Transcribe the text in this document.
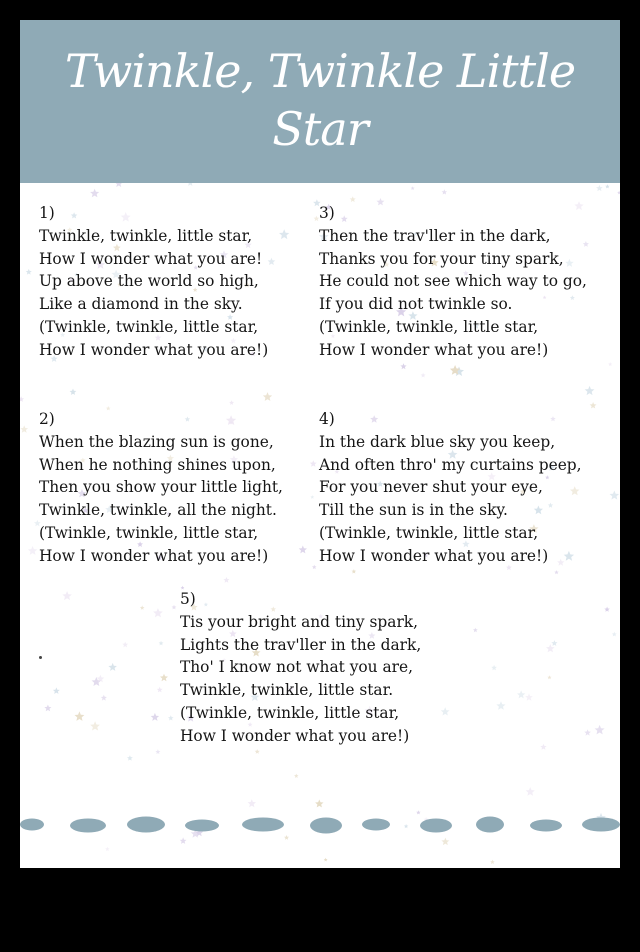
Twinkle, Twinkle Little
Star
1)
Twinkle, twinkle, little star,
How I wonder what you are!
Up above the world so high,
Like a diamond in the sky.
(Twinkle, twinkle, little star,
How I wonder what you are!)
3)
Then the trav'ller in the dark,
Thanks you for your tiny spark,
He could not see which way to go,
If you did not twinkle so.
(Twinkle, twinkle, little star,
How I wonder what you are!)
2)
When the blazing sun is gone,
When he nothing shines upon,
Then you show your little light,
Twinkle, twinkle, all the night.
(Twinkle, twinkle, little star,
How I wonder what you are!)
4)
In the dark blue sky you keep,
And often thro' my curtains peep,
For you never shut your eye,
Till the sun is in the sky.
(Twinkle, twinkle, little star,
How I wonder what you are!)
5)
Tis your bright and tiny spark,
Lights the trav'ller in the dark,
Tho' I know not what you are,
Twinkle, twinkle, little star.
(Twinkle, twinkle, little star,
How I wonder what you are!)
